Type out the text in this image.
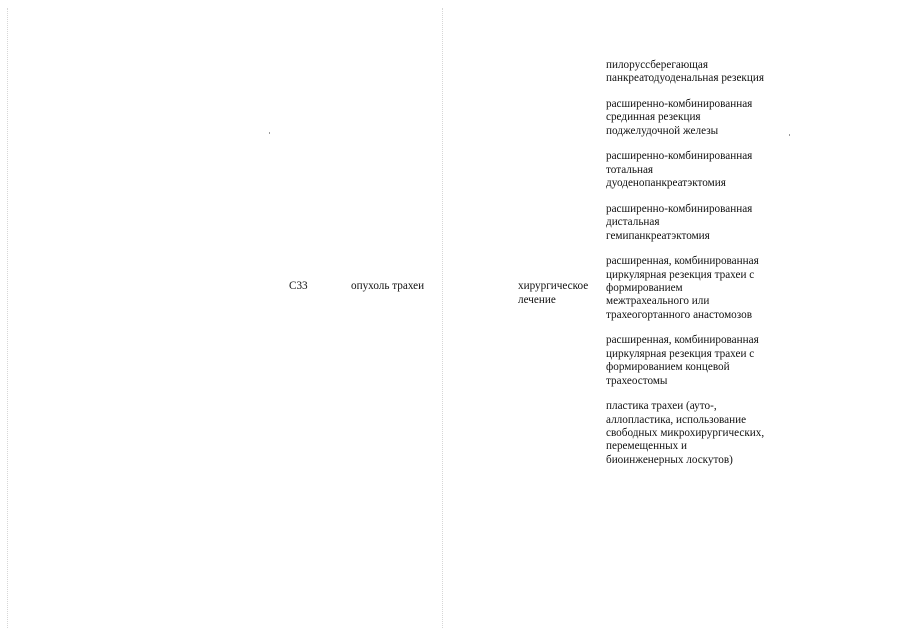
C33	опухоль трахеи	хирургическое лечение
пилоруссберегающая панкреатодуоденальная резекция
расширенно-комбинированная срединная резекция поджелудочной железы
расширенно-комбинированная тотальная дуоденопанкреатэктомия
расширенно-комбинированная дистальная гемипанкреатэктомия
расширенная, комбинированная циркулярная резекция трахеи с формированием межтрахеального или трахеогортанного анастомозов
расширенная, комбинированная циркулярная резекция трахеи с формированием концевой трахеостомы
пластика трахеи (ауто-, аллопластика, использование свободных микрохирургических, перемещенных и биоинженерных лоскутов)
